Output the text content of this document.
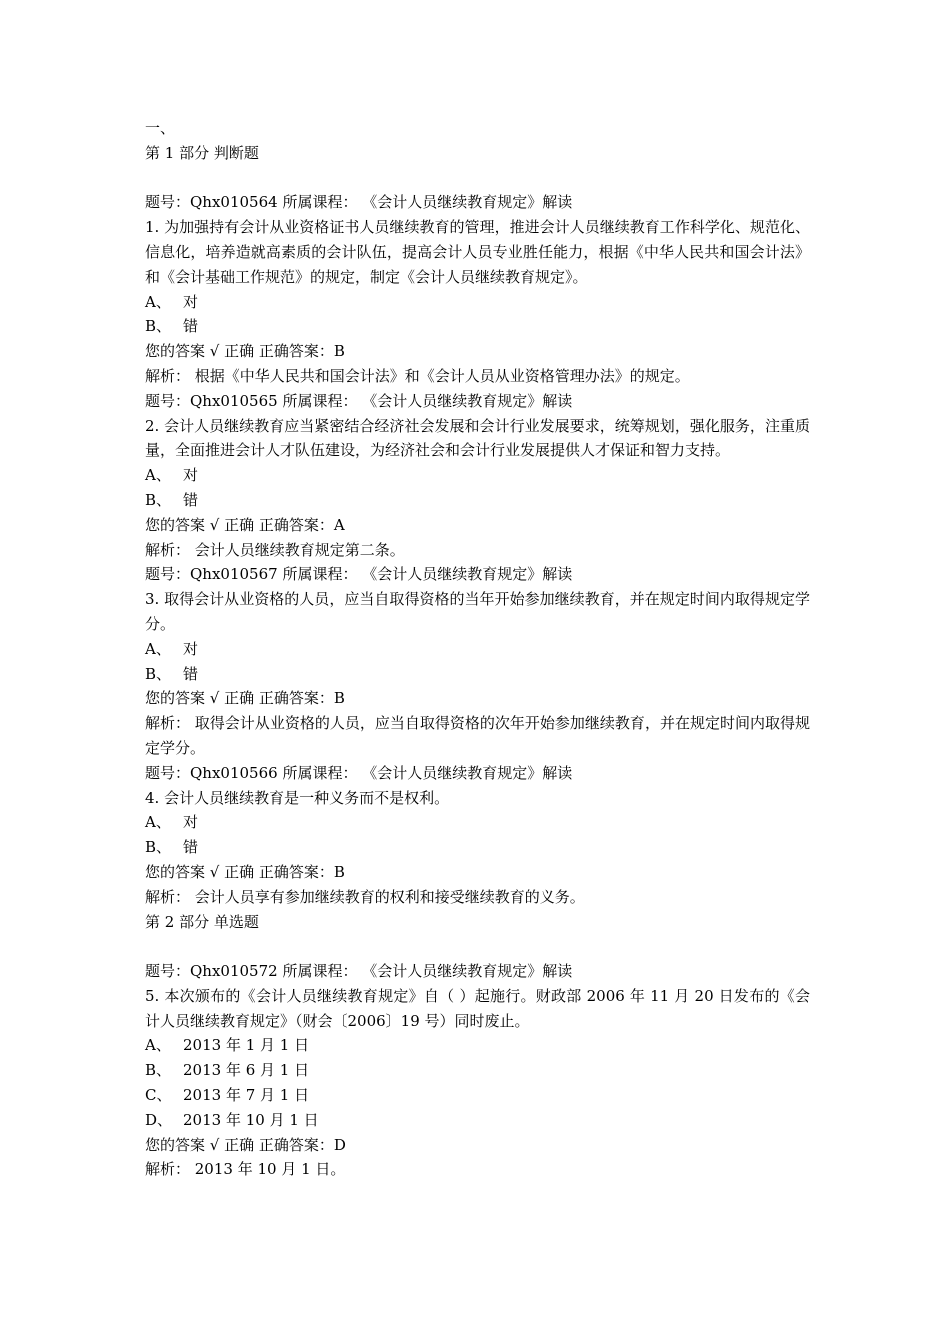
一、

第 1 部分 判断题

题号：Qhx010564 所属课程： 《会计人员继续教育规定》解读

1. 为加强持有会计从业资格证书人员继续教育的管理，推进会计人员继续教育工作科学化、规范化、信息化，培养造就高素质的会计队伍，提高会计人员专业胜任能力，根据《中华人民共和国会计法》和《会计基础工作规范》的规定，制定《会计人员继续教育规定》。

A、 对

B、 错

您的答案 √ 正确 正确答案：B

解析： 根据《中华人民共和国会计法》和《会计人员从业资格管理办法》的规定。

题号：Qhx010565 所属课程： 《会计人员继续教育规定》解读

2. 会计人员继续教育应当紧密结合经济社会发展和会计行业发展要求，统筹规划，强化服务，注重质量，全面推进会计人才队伍建设，为经济社会和会计行业发展提供人才保证和智力支持。

A、 对

B、 错

您的答案 √ 正确 正确答案：A

解析： 会计人员继续教育规定第二条。

题号：Qhx010567 所属课程： 《会计人员继续教育规定》解读

3. 取得会计从业资格的人员，应当自取得资格的当年开始参加继续教育，并在规定时间内取得规定学分。

A、 对

B、 错

您的答案 √ 正确 正确答案：B

解析： 取得会计从业资格的人员，应当自取得资格的次年开始参加继续教育，并在规定时间内取得规定学分。

题号：Qhx010566 所属课程： 《会计人员继续教育规定》解读

4. 会计人员继续教育是一种义务而不是权利。

A、 对

B、 错

您的答案 √ 正确 正确答案：B

解析： 会计人员享有参加继续教育的权利和接受继续教育的义务。

第 2 部分 单选题

题号：Qhx010572 所属课程： 《会计人员继续教育规定》解读

5. 本次颁布的《会计人员继续教育规定》自（ ）起施行。财政部 2006 年 11 月 20 日发布的《会计人员继续教育规定》（财会〔2006〕19 号）同时废止。

A、 2013 年 1 月 1 日

B、 2013 年 6 月 1 日

C、 2013 年 7 月 1 日

D、 2013 年 10 月 1 日

您的答案 √ 正确 正确答案：D

解析： 2013 年 10 月 1 日。
